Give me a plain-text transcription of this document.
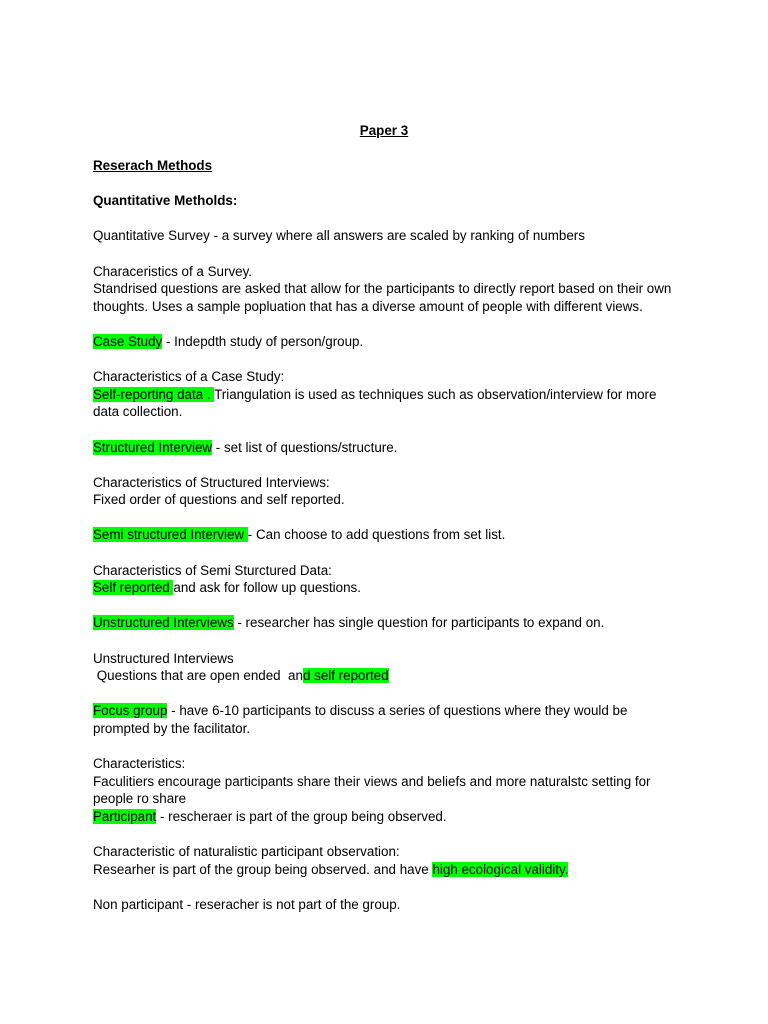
Paper 3

Reserach Methods

Quantitative Metholds:

Quantitative Survey - a survey where all answers are scaled by ranking of numbers

Characeristics of a Survey.
Standrised questions are asked that allow for the participants to directly report based on their own thoughts. Uses a sample popluation that has a diverse amount of people with different views.

Case Study - Indepdth study of person/group.

Characteristics of a Case Study:
Self-reporting data . Triangulation is used as techniques such as observation/interview for more data collection.

Structured Interview - set list of questions/structure.

Characteristics of Structured Interviews:
Fixed order of questions and self reported.

Semi structured Interview - Can choose to add questions from set list.

Characteristics of Semi Sturctured Data:
Self reported and ask for follow up questions.

Unstructured Interviews - researcher has single question for participants to expand on.

Unstructured Interviews
Questions that are open ended  and self reported

Focus group - have 6-10 participants to discuss a series of questions where they would be prompted by the facilitator.

Characteristics:
Faculitiers encourage participants share their views and beliefs and more naturalstc setting for people ro share
Participant - rescheraer is part of the group being observed.

Characteristic of naturalistic participant observation:
Researher is part of the group being observed. and have high ecological validity.

Non participant - reseracher is not part of the group.
